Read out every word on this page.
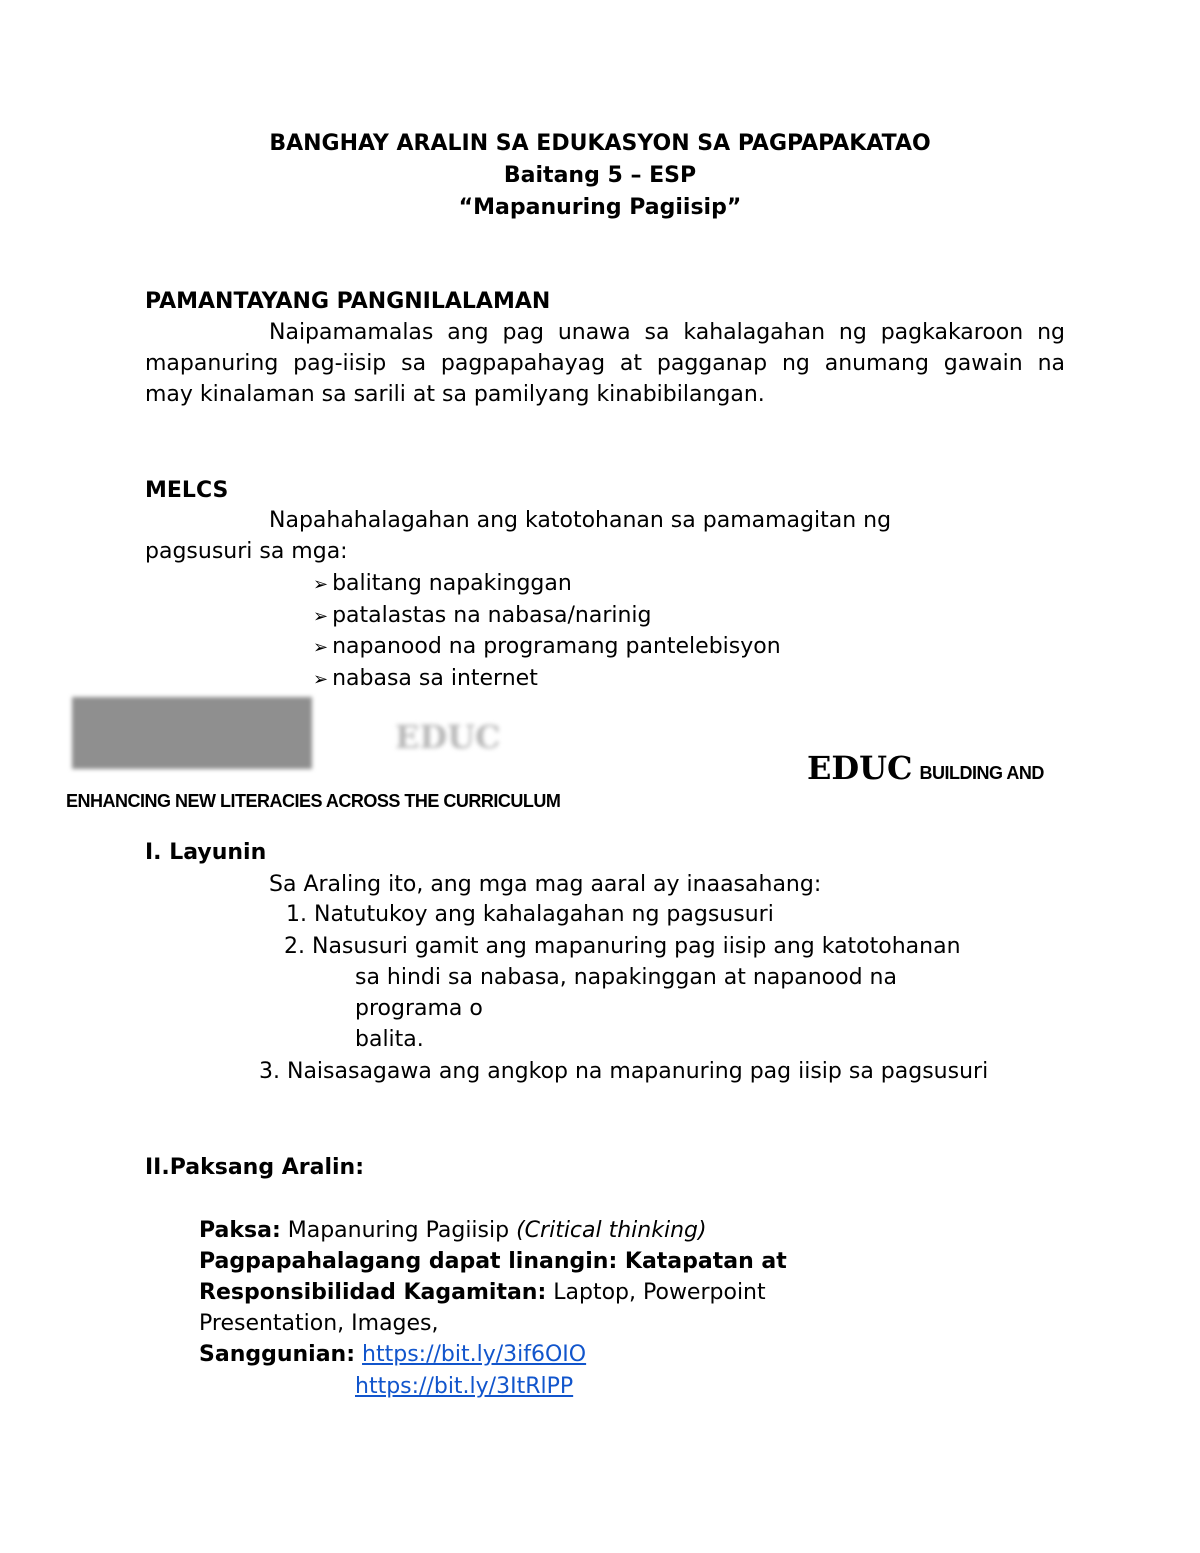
BANGHAY ARALIN SA EDUKASYON SA PAGPAPAKATAO
Baitang 5 – ESP
“Mapanuring Pagiisip”
PAMANTAYANG PANGNILALAMAN
Naipamamalas ang pag unawa sa kahalagahan ng pagkakaroon ng
mapanuring pag-iisip sa pagpapahayag at pagganap ng anumang gawain na
may kinalaman sa sarili at sa pamilyang kinabibilangan.
MELCS
Napahahalagahan ang katotohanan sa pamamagitan ng
pagsusuri sa mga:
➢ balitang napakinggan
➢ patalastas na nabasa/narinig
➢ napanood na programang pantelebisyon
➢ nabasa sa internet
EDUC
EDUC BUILDING AND
ENHANCING NEW LITERACIES ACROSS THE CURRICULUM
I. Layunin
Sa Araling ito, ang mga mag aaral ay inaasahang:
1. Natutukoy ang kahalagahan ng pagsusuri
2. Nasusuri gamit ang mapanuring pag iisip ang katotohanan
sa hindi sa nabasa, napakinggan at napanood na
programa o
balita.
3. Naisasagawa ang angkop na mapanuring pag iisip sa pagsusuri
II.Paksang Aralin:
Paksa: Mapanuring Pagiisip (Critical thinking)
Pagpapahalagang dapat linangin: Katapatan at
Responsibilidad Kagamitan: Laptop, Powerpoint
Presentation, Images,
Sanggunian: https://bit.ly/3if6OIO
https://bit.ly/3ItRlPP
